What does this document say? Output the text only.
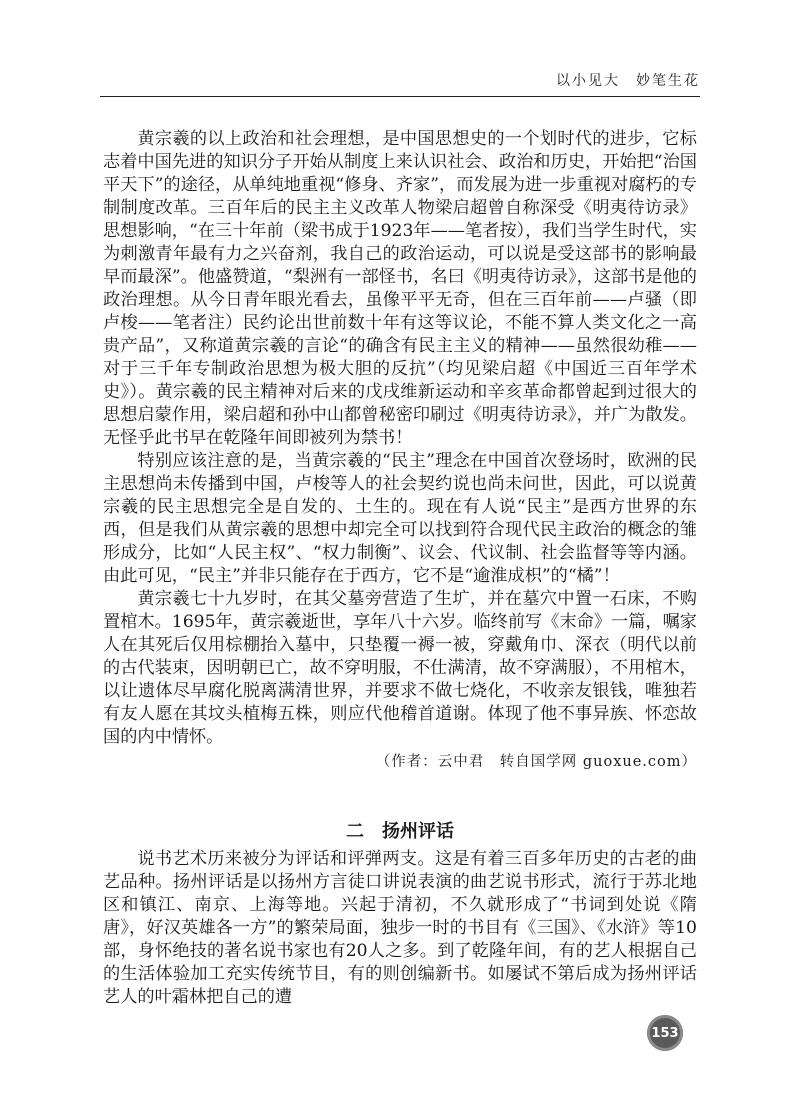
以小见大　妙笔生花

黄宗羲的以上政治和社会理想，是中国思想史的一个划时代的进步，它标志着中国先进的知识分子开始从制度上来认识社会、政治和历史，开始把“治国平天下”的途径，从单纯地重视“修身、齐家”，而发展为进一步重视对腐朽的专制制度改革。三百年后的民主主义改革人物梁启超曾自称深受《明夷待访录》思想影响，“在三十年前（梁书成于1923年——笔者按），我们当学生时代，实为刺激青年最有力之兴奋剂，我自己的政治运动，可以说是受这部书的影响最早而最深”。他盛赞道，“梨洲有一部怪书，名曰《明夷待访录》，这部书是他的政治理想。从今日青年眼光看去，虽像平平无奇，但在三百年前——卢骚（即卢梭——笔者注）民约论出世前数十年有这等议论，不能不算人类文化之一高贵产品”，又称道黄宗羲的言论“的确含有民主主义的精神——虽然很幼稚——对于三千年专制政治思想为极大胆的反抗”（均见梁启超《中国近三百年学术史》）。黄宗羲的民主精神对后来的戊戌维新运动和辛亥革命都曾起到过很大的思想启蒙作用，梁启超和孙中山都曾秘密印刷过《明夷待访录》，并广为散发。无怪乎此书早在乾隆年间即被列为禁书！

特别应该注意的是，当黄宗羲的“民主”理念在中国首次登场时，欧洲的民主思想尚未传播到中国，卢梭等人的社会契约说也尚未问世，因此，可以说黄宗羲的民主思想完全是自发的、土生的。现在有人说“民主”是西方世界的东西，但是我们从黄宗羲的思想中却完全可以找到符合现代民主政治的概念的雏形成分，比如“人民主权”、“权力制衡”、议会、代议制、社会监督等等内涵。由此可见，“民主”并非只能存在于西方，它不是“逾淮成枳”的“橘”！

黄宗羲七十九岁时，在其父墓旁营造了生圹，并在墓穴中置一石床，不购置棺木。1695年，黄宗羲逝世，享年八十六岁。临终前写《末命》一篇，嘱家人在其死后仅用棕棚抬入墓中，只垫覆一褥一被，穿戴角巾、深衣（明代以前的古代装束，因明朝已亡，故不穿明服，不仕满清，故不穿满服），不用棺木，以让遗体尽早腐化脱离满清世界，并要求不做七烧化，不收亲友银钱，唯独若有友人愿在其坟头植梅五株，则应代他稽首道谢。体现了他不事异族、怀恋故国的内中情怀。

（作者：云中君　转自国学网 guoxue.com）

二　扬州评话

说书艺术历来被分为评话和评弹两支。这是有着三百多年历史的古老的曲艺品种。扬州评话是以扬州方言徒口讲说表演的曲艺说书形式，流行于苏北地区和镇江、南京、上海等地。兴起于清初，不久就形成了“书词到处说《隋唐》，好汉英雄各一方”的繁荣局面，独步一时的书目有《三国》、《水浒》等10部，身怀绝技的著名说书家也有20人之多。到了乾隆年间，有的艺人根据自己的生活体验加工充实传统节目，有的则创编新书。如屡试不第后成为扬州评话艺人的叶霜林把自己的遭

153
